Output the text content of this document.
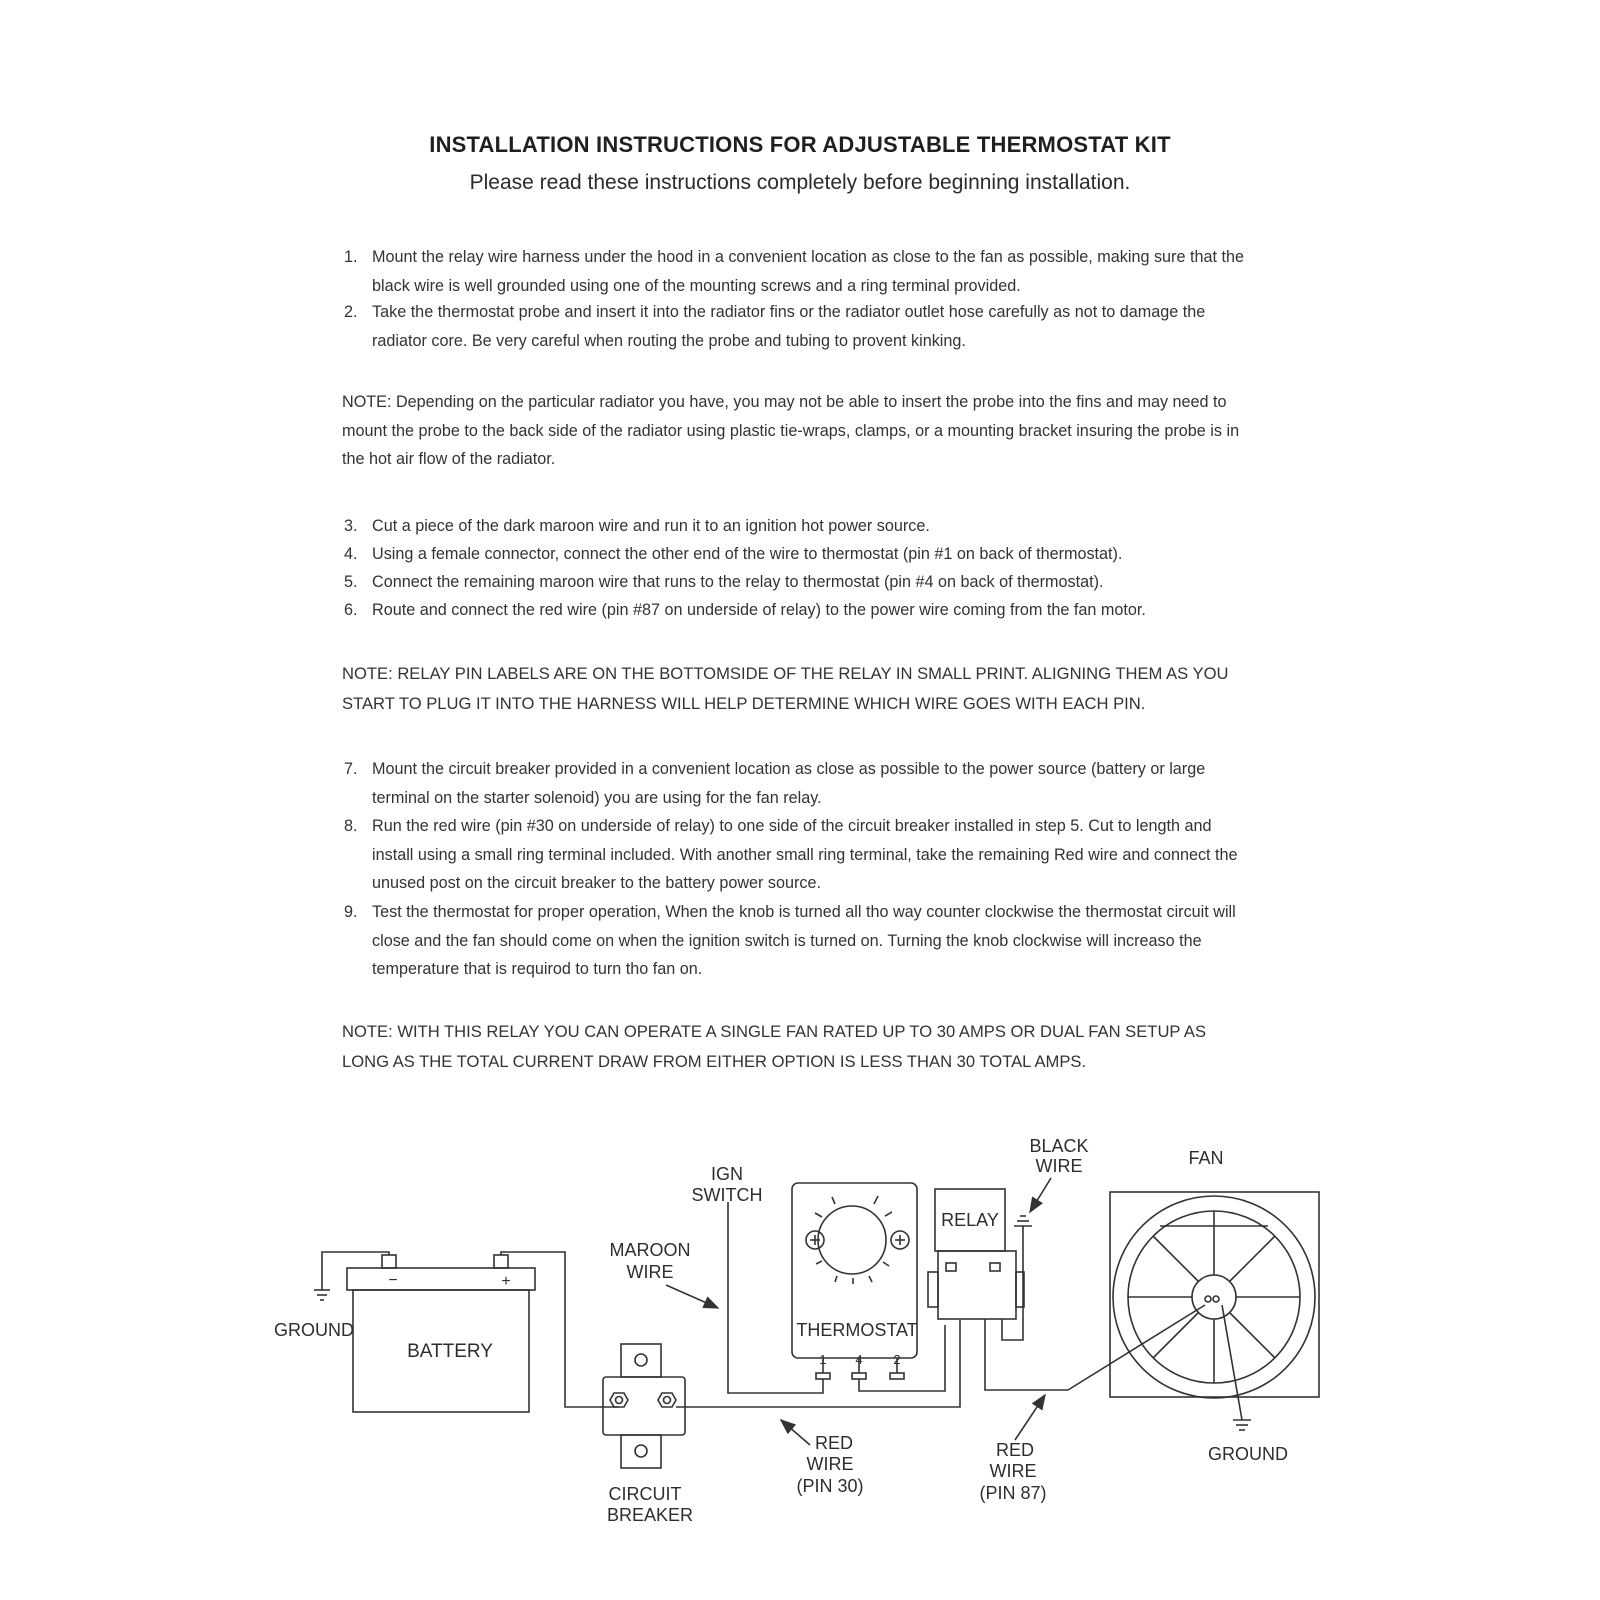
INSTALLATION INSTRUCTIONS FOR ADJUSTABLE THERMOSTAT KIT
Please read these instructions completely before beginning installation.
1. Mount the relay wire harness under the hood in a convenient location as close to the fan as possible, making sure that the black wire is well grounded using one of the mounting screws and a ring terminal provided.
2. Take the thermostat probe and insert it into the radiator fins or the radiator outlet hose carefully as not to damage the radiator core. Be very careful when routing the probe and tubing to provent kinking.
NOTE: Depending on the particular radiator you have, you may not be able to insert the probe into the fins and may need to mount the probe to the back side of the radiator using plastic tie-wraps, clamps, or a mounting bracket insuring the probe is in the hot air flow of the radiator.
3. Cut a piece of the dark maroon wire and run it to an ignition hot power source.
4. Using a female connector, connect the other end of the wire to thermostat (pin #1 on back of thermostat).
5. Connect the remaining maroon wire that runs to the relay to thermostat (pin #4 on back of thermostat).
6. Route and connect the red wire (pin #87 on underside of relay) to the power wire coming from the fan motor.
NOTE: RELAY PIN LABELS ARE ON THE BOTTOMSIDE OF THE RELAY IN SMALL PRINT. ALIGNING THEM AS YOU START TO PLUG IT INTO THE HARNESS WILL HELP DETERMINE WHICH WIRE GOES WITH EACH PIN.
7. Mount the circuit breaker provided in a convenient location as close as possible to the power source (battery or large terminal on the starter solenoid) you are using for the fan relay.
8. Run the red wire (pin #30 on underside of relay) to one side of the circuit breaker installed in step 5. Cut to length and install using a small ring terminal included. With another small ring terminal, take the remaining Red wire and connect the unused post on the circuit breaker to the battery power source.
9. Test the thermostat for proper operation, When the knob is turned all tho way counter clockwise the thermostat circuit will close and the fan should come on when the ignition switch is turned on. Turning the knob clockwise will increaso the temperature that is requirod to turn tho fan on.
NOTE: WITH THIS RELAY YOU CAN OPERATE A SINGLE FAN RATED UP TO 30 AMPS OR DUAL FAN SETUP AS LONG AS THE TOTAL CURRENT DRAW FROM EITHER OPTION IS LESS THAN 30 TOTAL AMPS.
GROUND
BATTERY
−	+
IGN
SWITCH
MAROON
WIRE
THERMOSTAT
1 4 2
RELAY
BLACK
WIRE	FAN
GROUND
CIRCUIT
BREAKER
RED
WIRE
(PIN 30)
RED
WIRE
(PIN 87)
